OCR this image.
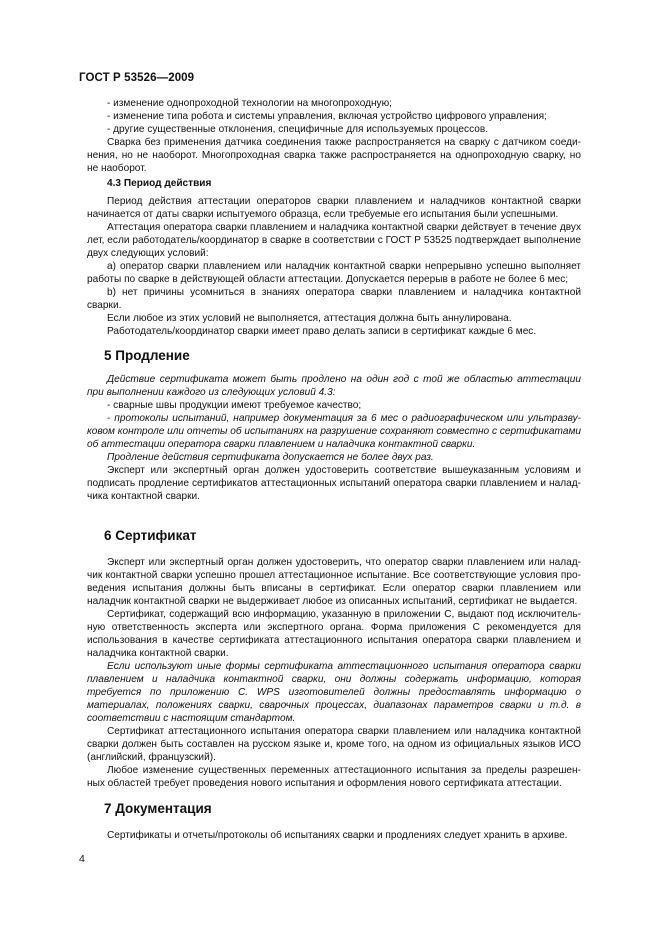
ГОСТ Р 53526—2009

- изменение однопроходной технологии на многопроходную;

- изменение типа робота и системы управления, включая устройство цифрового управления;

- другие существенные отклонения, специфичные для используемых процессов.

Сварка без применения датчика соединения также распространяется на сварку с датчиком соединения, но не наоборот. Многопроходная сварка также распространяется на однопроходную сварку, но не наоборот.

4.3 Период действия

Период действия аттестации операторов сварки плавлением и наладчиков контактной сварки начинается от даты сварки испытуемого образца, если требуемые его испытания были успешными.

Аттестация оператора сварки плавлением и наладчика контактной сварки действует в течение двух лет, если работодатель/координатор в сварке в соответствии с ГОСТ Р 53525 подтверждает выполнение двух следующих условий:

a) оператор сварки плавлением или наладчик контактной сварки непрерывно успешно выполняет работы по сварке в действующей области аттестации. Допускается перерыв в работе не более 6 мес;

b) нет причины усомниться в знаниях оператора сварки плавлением и наладчика контактной сварки.

Если любое из этих условий не выполняется, аттестация должна быть аннулирована.

Работодатель/координатор сварки имеет право делать записи в сертификат каждые 6 мес.

5 Продление

Действие сертификата может быть продлено на один год с той же областью аттестации при выполнении каждого из следующих условий 4.3:

- сварные швы продукции имеют требуемое качество;

- протоколы испытаний, например документация за 6 мес о радиографическом или ультразвуковом контроле или отчеты об испытаниях на разрушение сохраняют совместно с сертификатами об аттестации оператора сварки плавлением и наладчика контактной сварки.

Продление действия сертификата допускается не более двух раз.

Эксперт или экспертный орган должен удостоверить соответствие вышеуказанным условиям и подписать продление сертификатов аттестационных испытаний оператора сварки плавлением и наладчика контактной сварки.

6 Сертификат

Эксперт или экспертный орган должен удостоверить, что оператор сварки плавлением или наладчик контактной сварки успешно прошел аттестационное испытание. Все соответствующие условия проведения испытания должны быть вписаны в сертификат. Если оператор сварки плавлением или наладчик контактной сварки не выдерживает любое из описанных испытаний, сертификат не выдается.

Сертификат, содержащий всю информацию, указанную в приложении С, выдают под исключительную ответственность эксперта или экспертного органа. Форма приложения С рекомендуется для использования в качестве сертификата аттестационного испытания оператора сварки плавлением и наладчика контактной сварки.

Если используют иные формы сертификата аттестационного испытания оператора сварки плавлением и наладчика контактной сварки, они должны содержать информацию, которая требуется по приложению С. WPS изготовителей должны предоставлять информацию о материалах, положениях сварки, сварочных процессах, диапазонах параметров сварки и т.д. в соответствии с настоящим стандартом.

Сертификат аттестационного испытания оператора сварки плавлением или наладчика контактной сварки должен быть составлен на русском языке и, кроме того, на одном из официальных языков ИСО (английский, французский).

Любое изменение существенных переменных аттестационного испытания за пределы разрешенных областей требует проведения нового испытания и оформления нового сертификата аттестации.

7 Документация

Сертификаты и отчеты/протоколы об испытаниях сварки и продлениях следует хранить в архиве.

4
